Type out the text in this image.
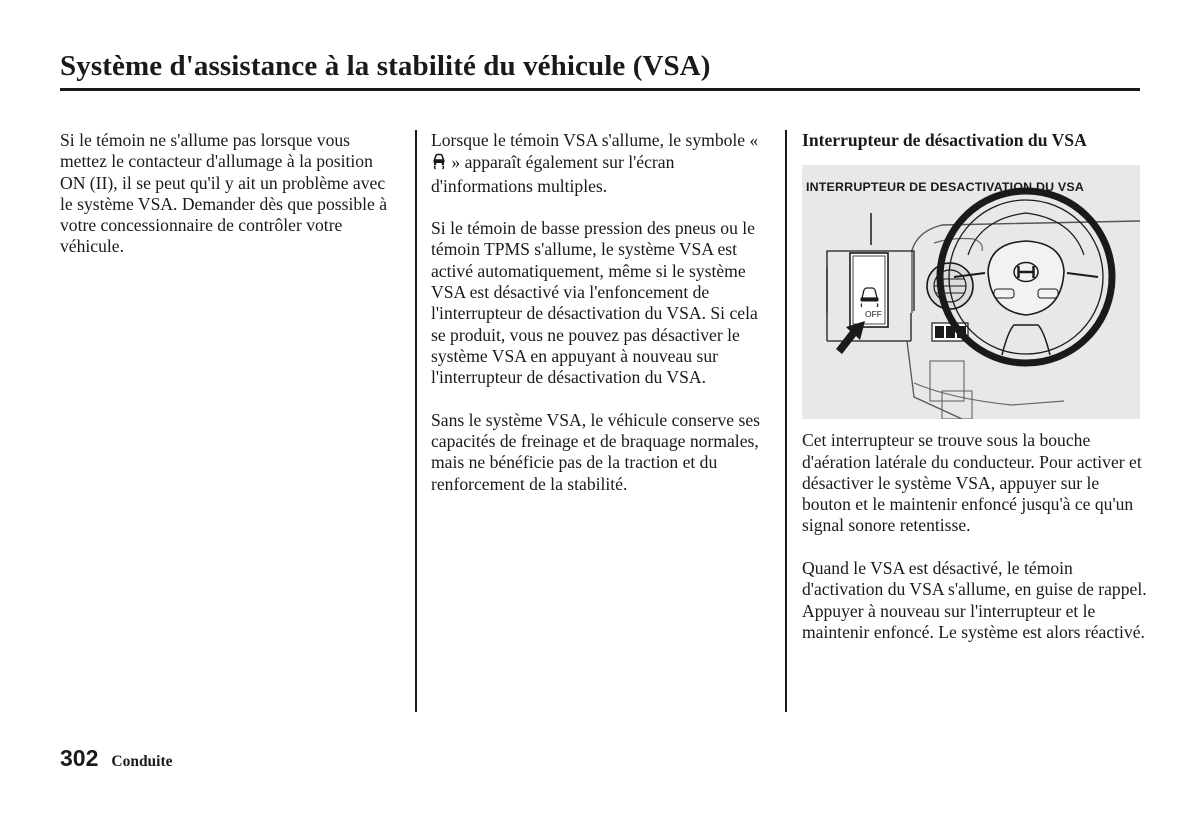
Système d'assistance à la stabilité du véhicule (VSA)

Si le témoin ne s'allume pas lorsque vous mettez le contacteur d'allumage à la position ON (II), il se peut qu'il y ait un problème avec le système VSA. Demander dès que possible à votre concessionnaire de contrôler votre véhicule.

Lorsque le témoin VSA s'allume, le symbole «  » apparaît également sur l'écran d'informations multiples.

Si le témoin de basse pression des pneus ou le témoin TPMS s'allume, le système VSA est activé automatiquement, même si le système VSA est désactivé via l'enfoncement de l'interrupteur de désactivation du VSA. Si cela se produit, vous ne pouvez pas désactiver le système VSA en appuyant à nouveau sur l'interrupteur de désactivation du VSA.

Sans le système VSA, le véhicule conserve ses capacités de freinage et de braquage normales, mais ne bénéficie pas de la traction et du renforcement de la stabilité.

Interrupteur de désactivation du VSA
OFF

INTERRUPTEUR DE DESACTIVATION DU VSA

Cet interrupteur se trouve sous la bouche d'aération latérale du conducteur. Pour activer et désactiver le système VSA, appuyer sur le bouton et le maintenir enfoncé jusqu'à ce qu'un signal sonore retentisse.

Quand le VSA est désactivé, le témoin d'activation du VSA s'allume, en guise de rappel. Appuyer à nouveau sur l'interrupteur et le maintenir enfoncé. Le système est alors réactivé.

302 Conduite
